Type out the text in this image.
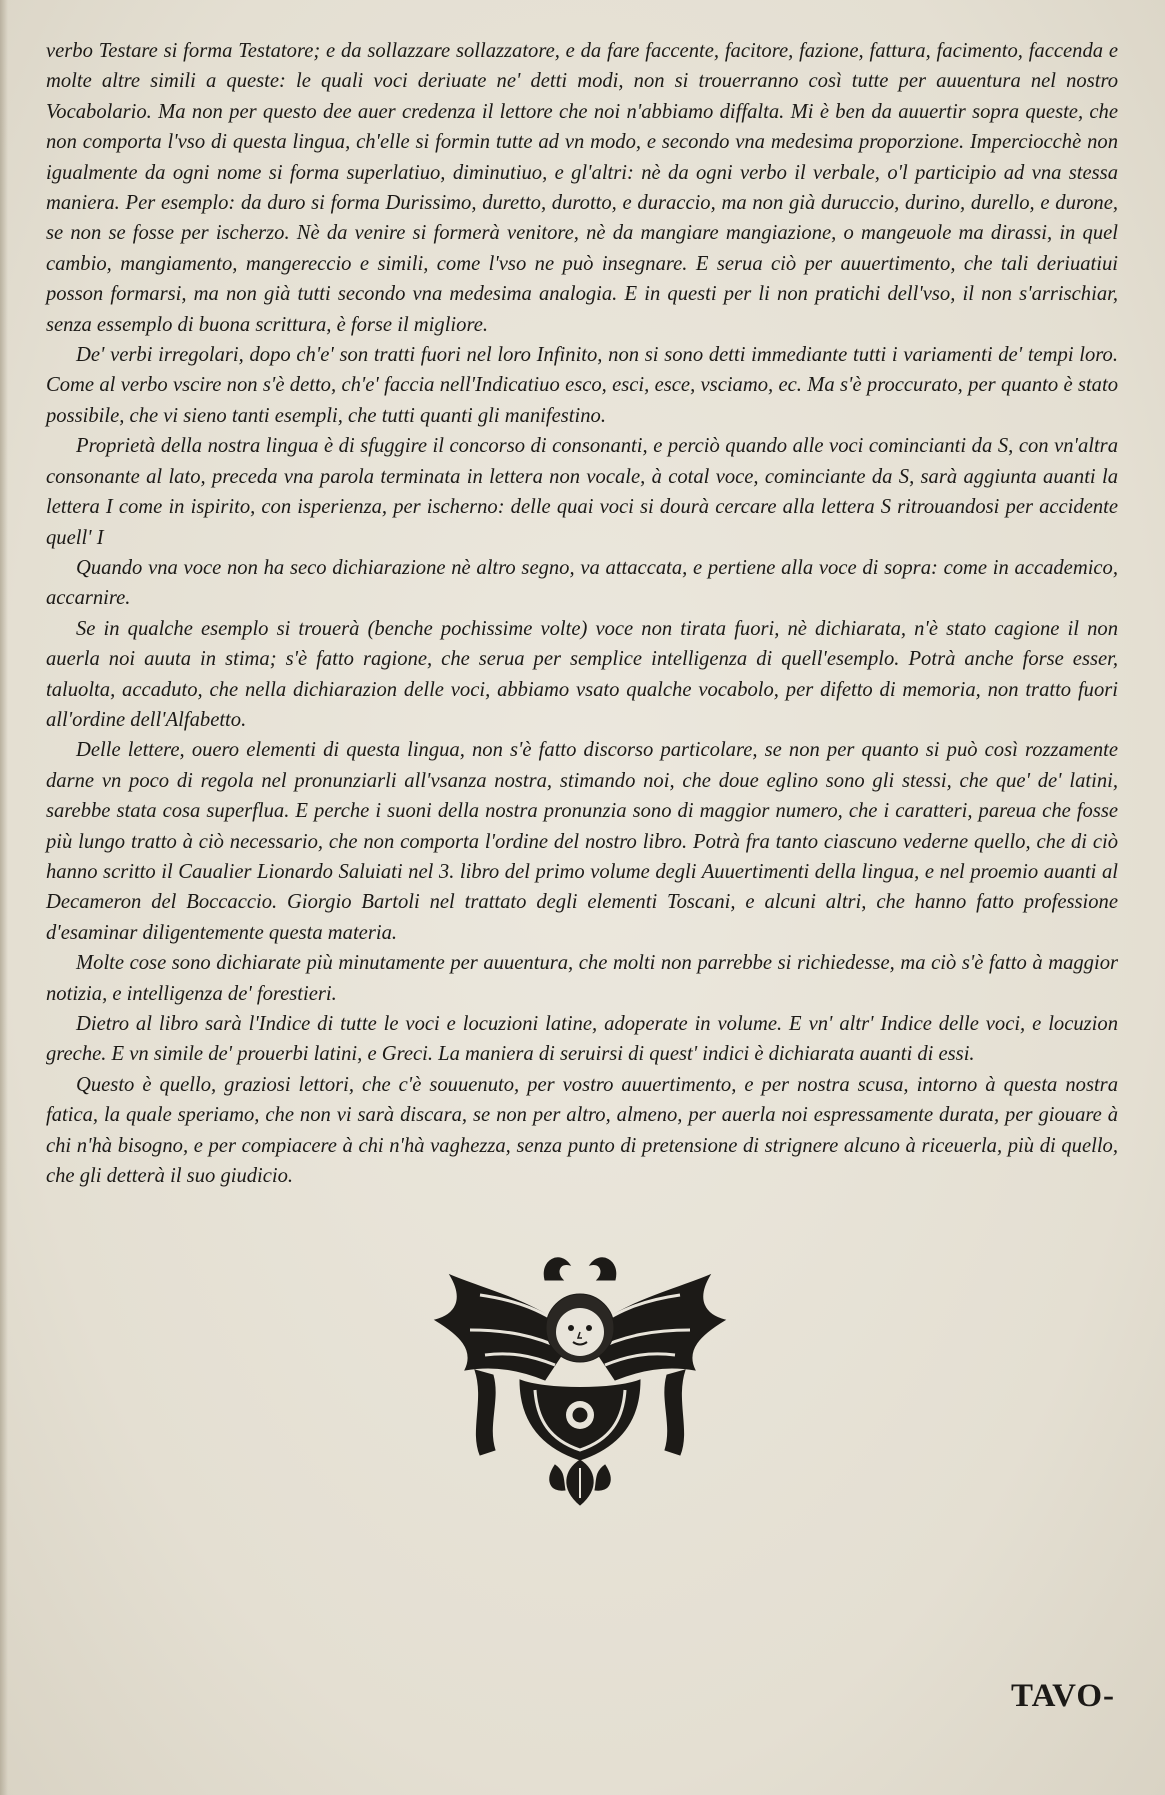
verbo Testare si forma Testatore; e da sollazzare sollazzatore, e da fare faccente, facitore, fazione, fattura, facimento, faccenda e molte altre simili a queste: le quali voci deriuate ne' detti modi, non si trouerranno così tutte per auuentura nel nostro Vocabolario. Ma non per questo dee auer credenza il lettore che noi n'abbiamo diffalta. Mi è ben da auuertir sopra queste, che non comporta l'vso di questa lingua, ch'elle si formin tutte ad vn modo, e secondo vna medesima proporzione. Imperciocchè non igualmente da ogni nome si forma superlatiuo, diminutiuo, e gl'altri: nè da ogni verbo il verbale, o'l participio ad vna stessa maniera. Per esemplo: da duro si forma Durissimo, duretto, durotto, e duraccio, ma non già duruccio, durino, durello, e durone, se non se fosse per ischerzo. Nè da venire si formerà venitore, nè da mangiare mangiazione, o mangeuole ma dirassi, in quel cambio, mangiamento, mangereccio e simili, come l'vso ne può insegnare. E serua ciò per auuertimento, che tali deriuatiui posson formarsi, ma non già tutti secondo vna medesima analogia. E in questi per li non pratichi dell'vso, il non s'arrischiar, senza essemplo di buona scrittura, è forse il migliore.

De' verbi irregolari, dopo ch'e' son tratti fuori nel loro Infinito, non si sono detti immediante tutti i variamenti de' tempi loro. Come al verbo vscire non s'è detto, ch'e' faccia nell'Indicatiuo esco, esci, esce, vsciamo, ec. Ma s'è proccurato, per quanto è stato possibile, che vi sieno tanti esempli, che tutti quanti gli manifestino.

Proprietà della nostra lingua è di sfuggire il concorso di consonanti, e perciò quando alle voci comincianti da S, con vn'altra consonante al lato, preceda vna parola terminata in lettera non vocale, à cotal voce, cominciante da S, sarà aggiunta auanti la lettera I come in ispirito, con isperienza, per ischerno: delle quai voci si dourà cercare alla lettera S ritrouandosi per accidente quell' I

Quando vna voce non ha seco dichiarazione nè altro segno, va attaccata, e pertiene alla voce di sopra: come in accademico, accarnire.

Se in qualche esemplo si trouerà (benche pochissime volte) voce non tirata fuori, nè dichiarata, n'è stato cagione il non auerla noi auuta in stima; s'è fatto ragione, che serua per semplice intelligenza di quell'esemplo. Potrà anche forse esser, taluolta, accaduto, che nella dichiarazion delle voci, abbiamo vsato qualche vocabolo, per difetto di memoria, non tratto fuori all'ordine dell'Alfabetto.

Delle lettere, ouero elementi di questa lingua, non s'è fatto discorso particolare, se non per quanto si può così rozzamente darne vn poco di regola nel pronunziarli all'vsanza nostra, stimando noi, che doue eglino sono gli stessi, che que' de' latini, sarebbe stata cosa superflua. E perche i suoni della nostra pronunzia sono di maggior numero, che i caratteri, pareua che fosse più lungo tratto à ciò necessario, che non comporta l'ordine del nostro libro. Potrà fra tanto ciascuno vederne quello, che di ciò hanno scritto il Caualier Lionardo Saluiati nel 3. libro del primo volume degli Auuertimenti della lingua, e nel proemio auanti al Decameron del Boccaccio. Giorgio Bartoli nel trattato degli elementi Toscani, e alcuni altri, che hanno fatto professione d'esaminar diligentemente questa materia.

Molte cose sono dichiarate più minutamente per auuentura, che molti non parrebbe si richiedesse, ma ciò s'è fatto à maggior notizia, e intelligenza de' forestieri.

Dietro al libro sarà l'Indice di tutte le voci e locuzioni latine, adoperate in volume. E vn' altr' Indice delle voci, e locuzion greche. E vn simile de' prouerbi latini, e Greci. La maniera di seruirsi di quest' indici è dichiarata auanti di essi.

Questo è quello, graziosi lettori, che c'è souuenuto, per vostro auuertimento, e per nostra scusa, intorno à questa nostra fatica, la quale speriamo, che non vi sarà discara, se non per altro, almeno, per auerla noi espressamente durata, per giouare à chi n'hà bisogno, e per compiacere à chi n'hà vaghezza, senza punto di pretensione di strignere alcuno à riceuerla, più di quello, che gli detterà il suo giudicio.

TAVO-
